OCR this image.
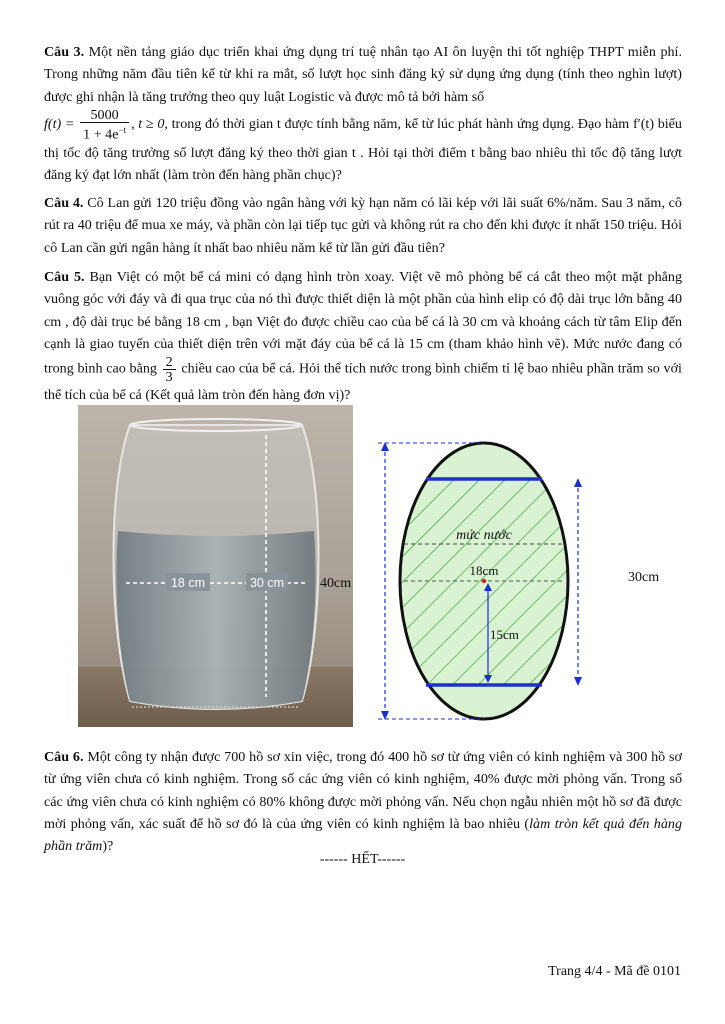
Câu 3. Một nền tảng giáo dục triển khai ứng dụng trí tuệ nhân tạo AI ôn luyện thi tốt nghiệp THPT miễn phí. Trong những năm đầu tiên kể từ khi ra mắt, số lượt học sinh đăng ký sử dụng ứng dụng (tính theo nghìn lượt) được ghi nhận là tăng trưởng theo quy luật Logistic và được mô tả bởi hàm số
$f(t) = \frac{5000}{1 + 4e^{-t}}$ , t ≥ 0, trong đó thời gian t được tính bằng năm, kể từ lúc phát hành ứng dụng. Đạo hàm f′(t) biểu thị tốc độ tăng trưởng số lượt đăng ký theo thời gian t . Hỏi tại thời điểm t bằng bao nhiêu thì tốc độ tăng lượt đăng ký đạt lớn nhất (làm tròn đến hàng phần chục)?
Câu 4. Cô Lan gửi 120 triệu đồng vào ngân hàng với kỳ hạn năm có lãi kép với lãi suất 6%/năm. Sau 3 năm, cô rút ra 40 triệu để mua xe máy, và phần còn lại tiếp tục gửi và không rút ra cho đến khi được ít nhất 150 triệu. Hỏi cô Lan cần gửi ngân hàng ít nhất bao nhiêu năm kể từ lần gửi đầu tiên?
Câu 5. Bạn Việt có một bể cá mini có dạng hình tròn xoay. Việt vẽ mô phỏng bể cá cắt theo một mặt phẳng vuông góc với đáy và đi qua trục của nó thì được thiết diện là một phần của hình elip có độ dài trục lớn bằng 40 cm , độ dài trục bé bằng 18 cm , bạn Việt đo được chiều cao của bể cá là 30 cm và khoảng cách từ tâm Elip đến cạnh là giao tuyến của thiết diện trên với mặt đáy của bể cá là 15 cm (tham khảo hình vẽ). Mức nước đang có trong bình cao bằng $\frac{2}{3}$ chiều cao của bể cá. Hỏi thể tích nước trong bình chiếm tỉ lệ bao nhiêu phần trăm so với thể tích của bể cá (Kết quả làm tròn đến hàng đơn vị)?
18 cm	30 cm
mức nước
18cm
15cm
40cm	30cm
Câu 6. Một công ty nhận được 700 hồ sơ xin việc, trong đó 400 hồ sơ từ ứng viên có kinh nghiệm và 300 hồ sơ từ ứng viên chưa có kinh nghiệm. Trong số các ứng viên có kinh nghiệm, 40% được mời phỏng vấn. Trong số các ứng viên chưa có kinh nghiệm có 80% không được mời phỏng vấn. Nếu chọn ngẫu nhiên một hồ sơ đã được mời phỏng vấn, xác suất để hồ sơ đó là của ứng viên có kinh nghiệm là bao nhiêu (làm tròn kết quả đến hàng phần trăm)?
------ HẾT------
Trang 4/4 - Mã đề 0101
